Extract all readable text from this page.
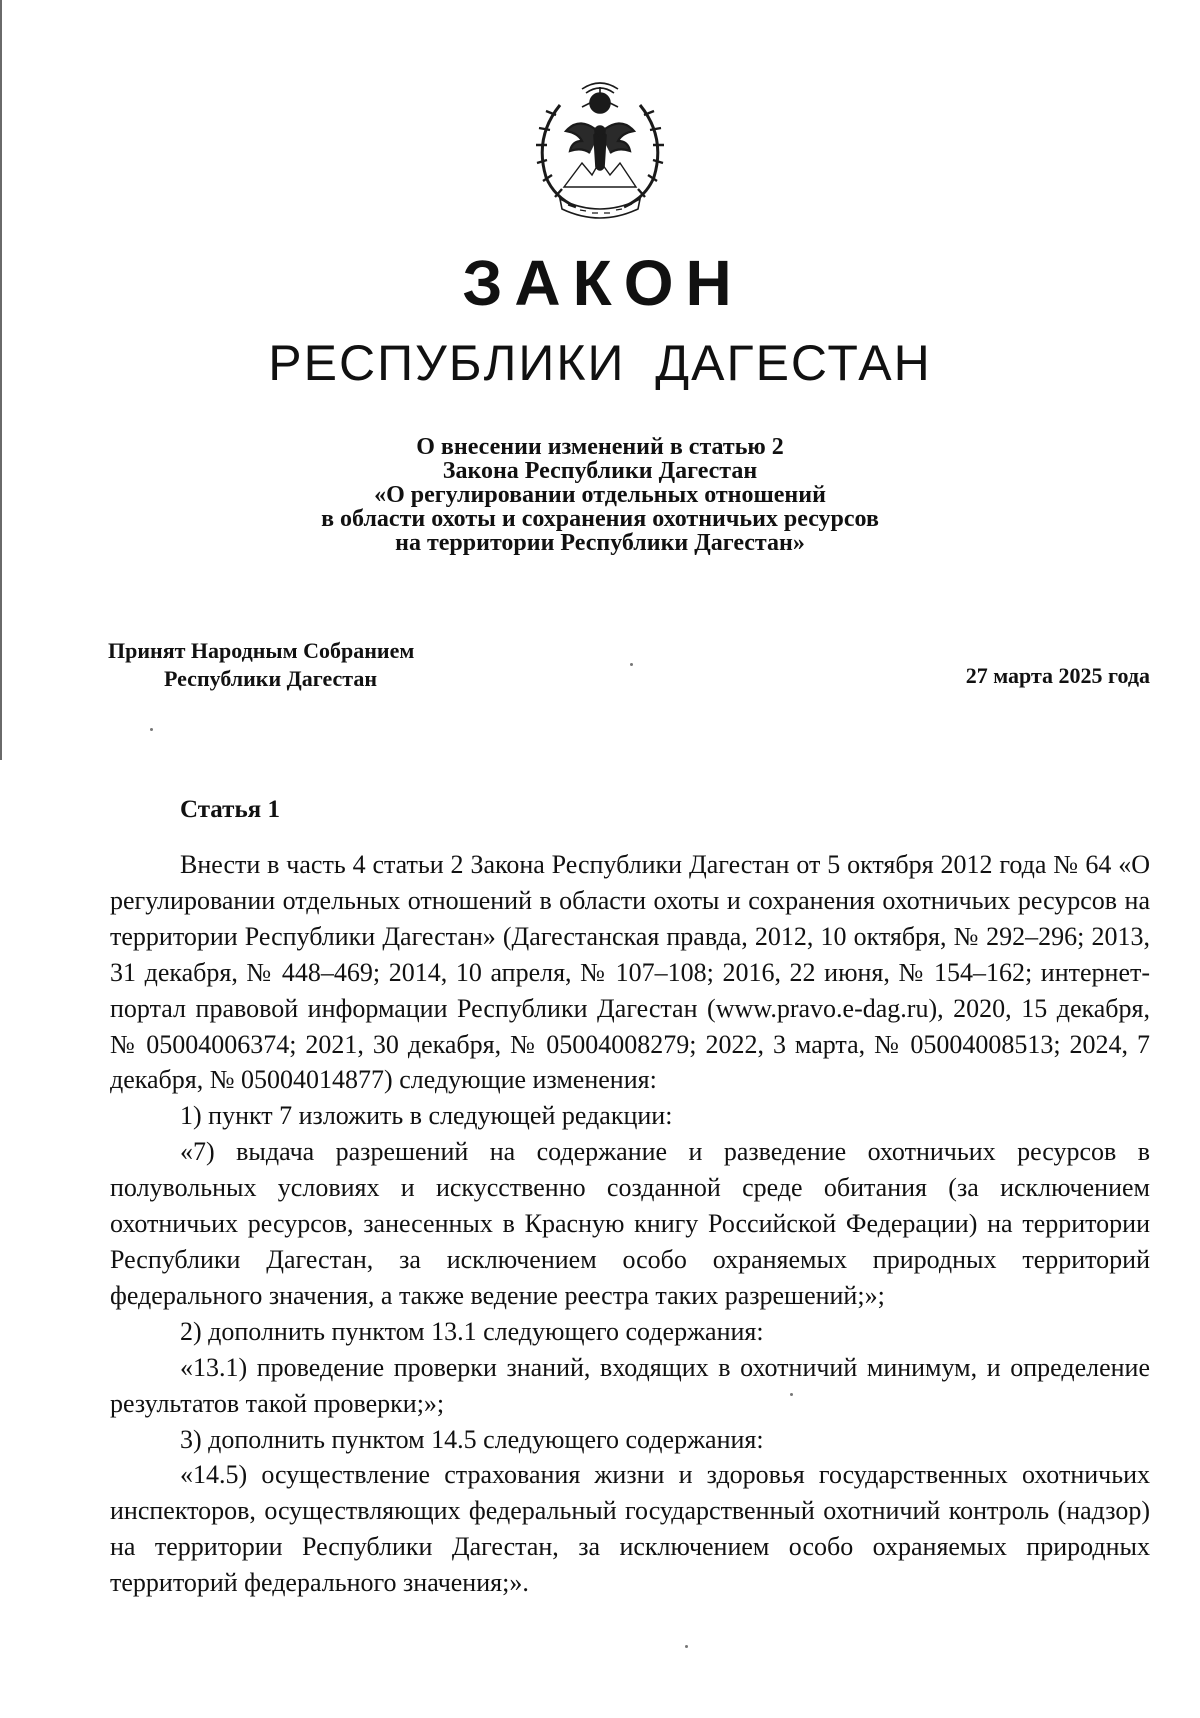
ЗАКОН
РЕСПУБЛИКИ ДАГЕСТАН
О внесении изменений в статью 2
Закона Республики Дагестан
«О регулировании отдельных отношений
в области охоты и сохранения охотничьих ресурсов
на территории Республики Дагестан»
Принят Народным Собранием
Республики Дагестан	27 марта 2025 года
Статья 1

Внести в часть 4 статьи 2 Закона Республики Дагестан от 5 октября 2012 года № 64 «О регулировании отдельных отношений в области охоты и сохранения охотничьих ресурсов на территории Республики Дагестан» (Дагестанская правда, 2012, 10 октября, № 292–296; 2013, 31 декабря, № 448–469; 2014, 10 апреля, № 107–108; 2016, 22 июня, № 154–162; интернет-портал правовой информации Республики Дагестан (www.pravo.e-dag.ru), 2020, 15 декабря, № 05004006374; 2021, 30 декабря, № 05004008279; 2022, 3 марта, № 05004008513; 2024, 7 декабря, № 05004014877) следующие изменения:

1) пункт 7 изложить в следующей редакции:

«7) выдача разрешений на содержание и разведение охотничьих ресурсов в полувольных условиях и искусственно созданной среде обитания (за исключением охотничьих ресурсов, занесенных в Красную книгу Российской Федерации) на территории Республики Дагестан, за исключением особо охраняемых природных территорий федерального значения, а также ведение реестра таких разрешений;»;

2) дополнить пунктом 13.1 следующего содержания:

«13.1) проведение проверки знаний, входящих в охотничий минимум, и определение результатов такой проверки;»;

3) дополнить пунктом 14.5 следующего содержания:

«14.5) осуществление страхования жизни и здоровья государственных охотничьих инспекторов, осуществляющих федеральный государственный охотничий контроль (надзор) на территории Республики Дагестан, за исключением особо охраняемых природных территорий федерального значения;».
